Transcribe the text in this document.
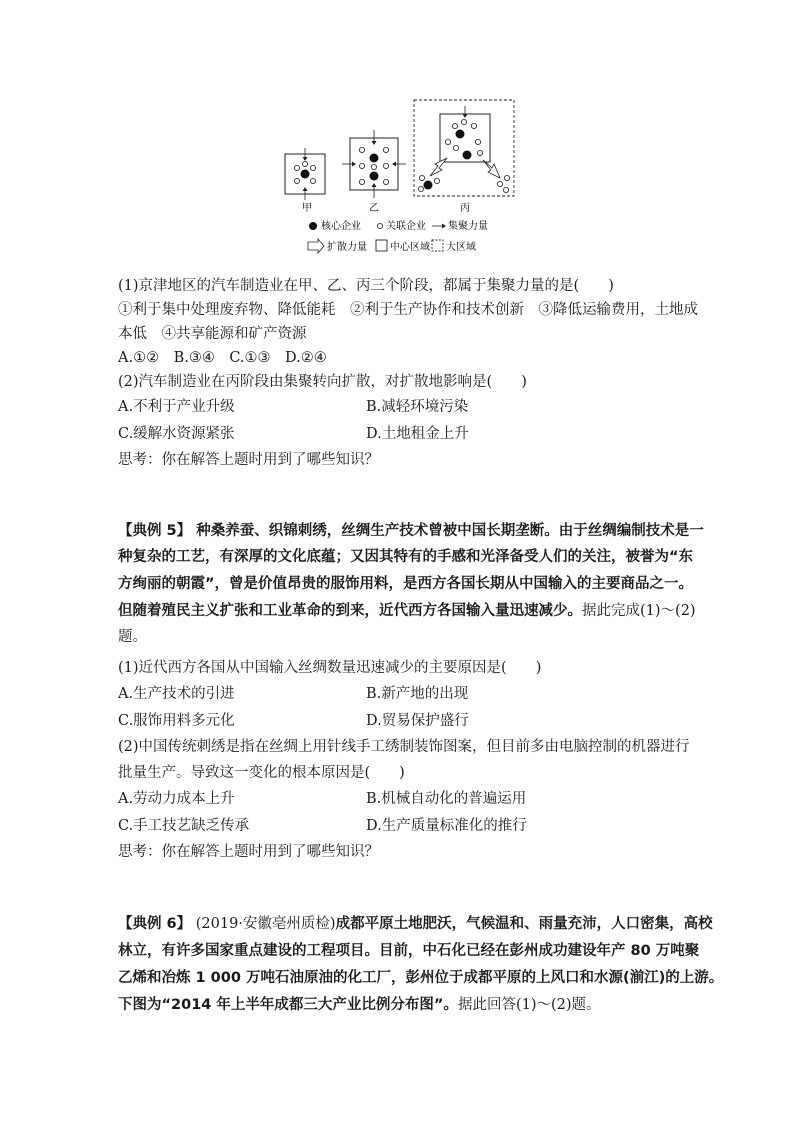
甲	乙	丙
核心企业	关联企业 集聚力量
扩散力量 中心区域 大区域
(1)京津地区的汽车制造业在甲、乙、丙三个阶段，都属于集聚力量的是(　　)
①利于集中处理废弃物、降低能耗　②利于生产协作和技术创新　③降低运输费用，土地成
本低　④共享能源和矿产资源
A.①②　B.③④　C.①③　D.②④
(2)汽车制造业在丙阶段由集聚转向扩散，对扩散地影响是(　　)
A.不利于产业升级	B.减轻环境污染
C.缓解水资源紧张	D.土地租金上升
思考：你在解答上题时用到了哪些知识？
【典例 5】 种桑养蚕、织锦刺绣，丝绸生产技术曾被中国长期垄断。由于丝绸编制技术是一
种复杂的工艺，有深厚的文化底蕴；又因其特有的手感和光泽备受人们的关注，被誉为“东
方绚丽的朝霞”，曾是价值昂贵的服饰用料，是西方各国长期从中国输入的主要商品之一。
但随着殖民主义扩张和工业革命的到来，近代西方各国输入量迅速减少。据此完成(1)～(2)
题。
(1)近代西方各国从中国输入丝绸数量迅速减少的主要原因是(　　)
A.生产技术的引进	B.新产地的出现
C.服饰用料多元化	D.贸易保护盛行
(2)中国传统刺绣是指在丝绸上用针线手工绣制装饰图案，但目前多由电脑控制的机器进行
批量生产。导致这一变化的根本原因是(　　)
A.劳动力成本上升	B.机械自动化的普遍运用
C.手工技艺缺乏传承	D.生产质量标准化的推行
思考：你在解答上题时用到了哪些知识？
【典例 6】 (2019·安徽亳州质检)成都平原土地肥沃，气候温和、雨量充沛，人口密集，高校
林立，有许多国家重点建设的工程项目。目前，中石化已经在彭州成功建设年产 80 万吨聚
乙烯和冶炼 1 000 万吨石油原油的化工厂，彭州位于成都平原的上风口和水源(湔江)的上游。
下图为“2014 年上半年成都三大产业比例分布图”。据此回答(1)～(2)题。
